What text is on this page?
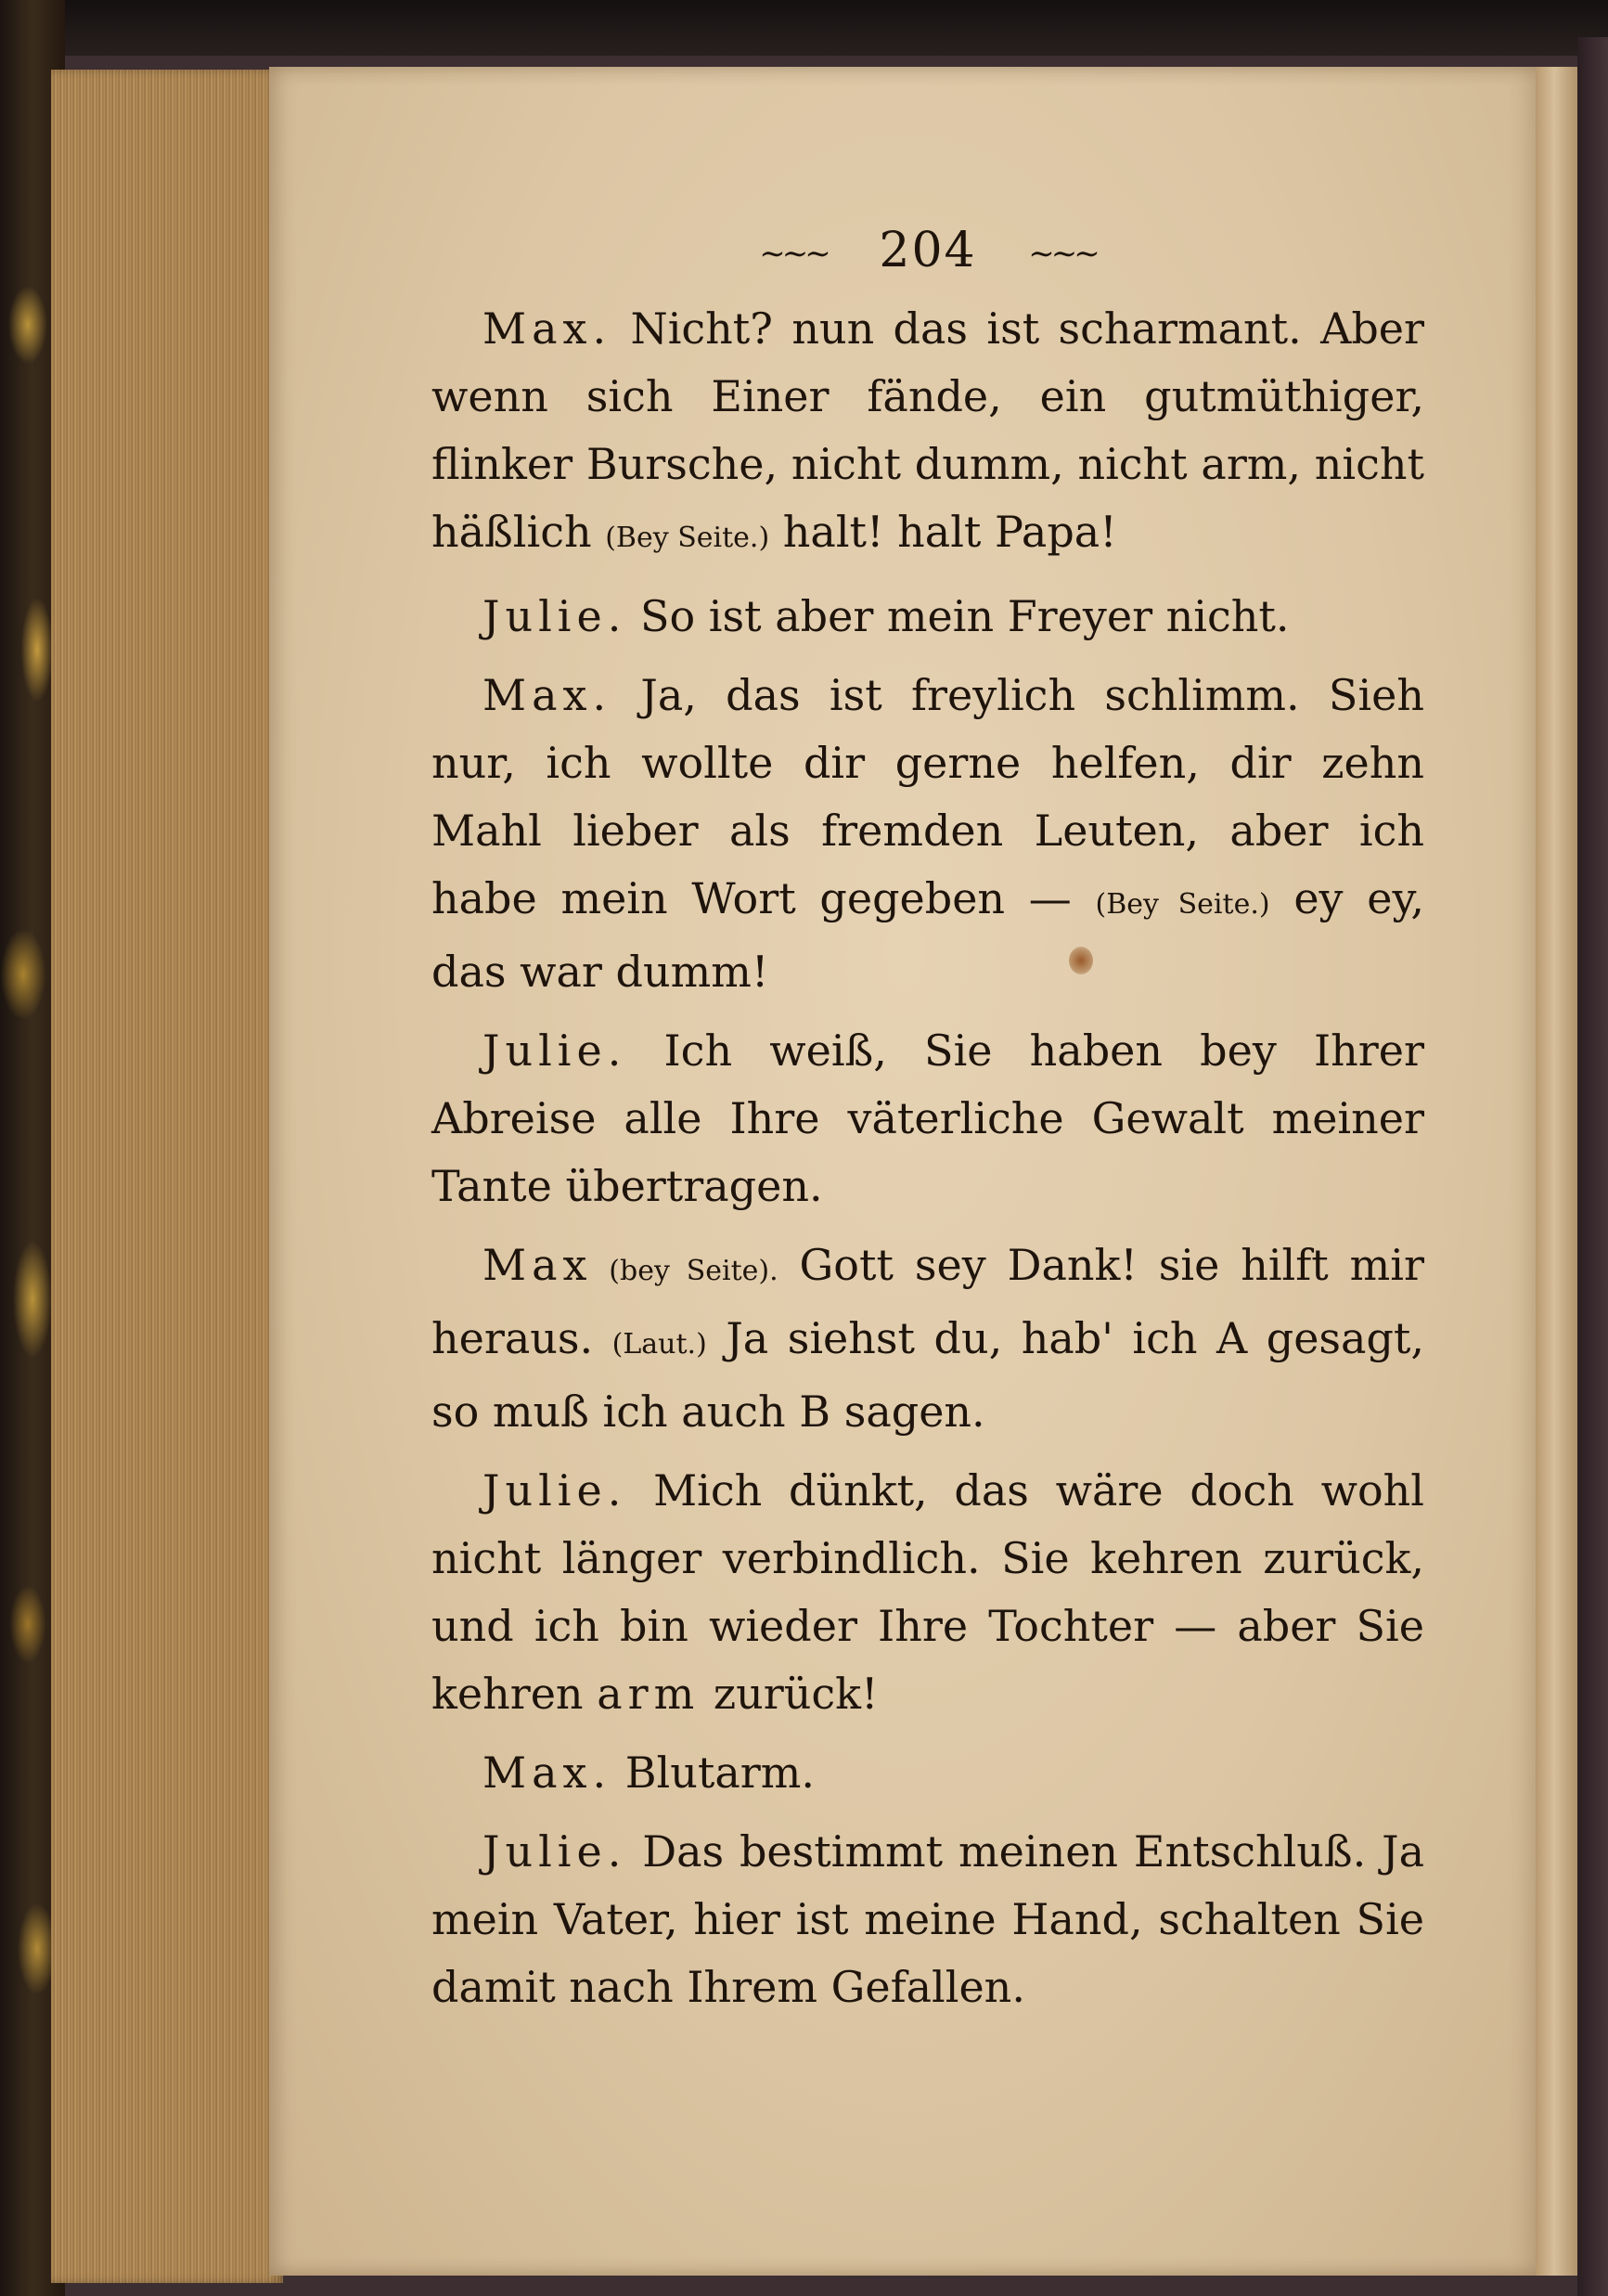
∼∼∼ 204 ∼∼∼

Max. Nicht? nun das ist scharmant. Aber wenn sich Einer fände, ein gutmüthiger, flinker Bursche, nicht dumm, nicht arm, nicht häßlich (Bey Seite.) halt! halt Papa!

Julie. So ist aber mein Freyer nicht.

Max. Ja, das ist freylich schlimm. Sieh nur, ich wollte dir gerne helfen, dir zehn Mahl lieber als fremden Leuten, aber ich habe mein Wort gegeben — (Bey Seite.) ey ey, das war dumm!

Julie. Ich weiß, Sie haben bey Ihrer Abreise alle Ihre väterliche Gewalt meiner Tante übertragen.

Max (bey Seite). Gott sey Dank! sie hilft mir heraus. (Laut.) Ja siehst du, hab' ich A gesagt, so muß ich auch B sagen.

Julie. Mich dünkt, das wäre doch wohl nicht länger verbindlich. Sie kehren zurück, und ich bin wieder Ihre Tochter — aber Sie kehren arm zurück!

Max. Blutarm.

Julie. Das bestimmt meinen Entschluß. Ja mein Vater, hier ist meine Hand, schalten Sie damit nach Ihrem Gefallen.
